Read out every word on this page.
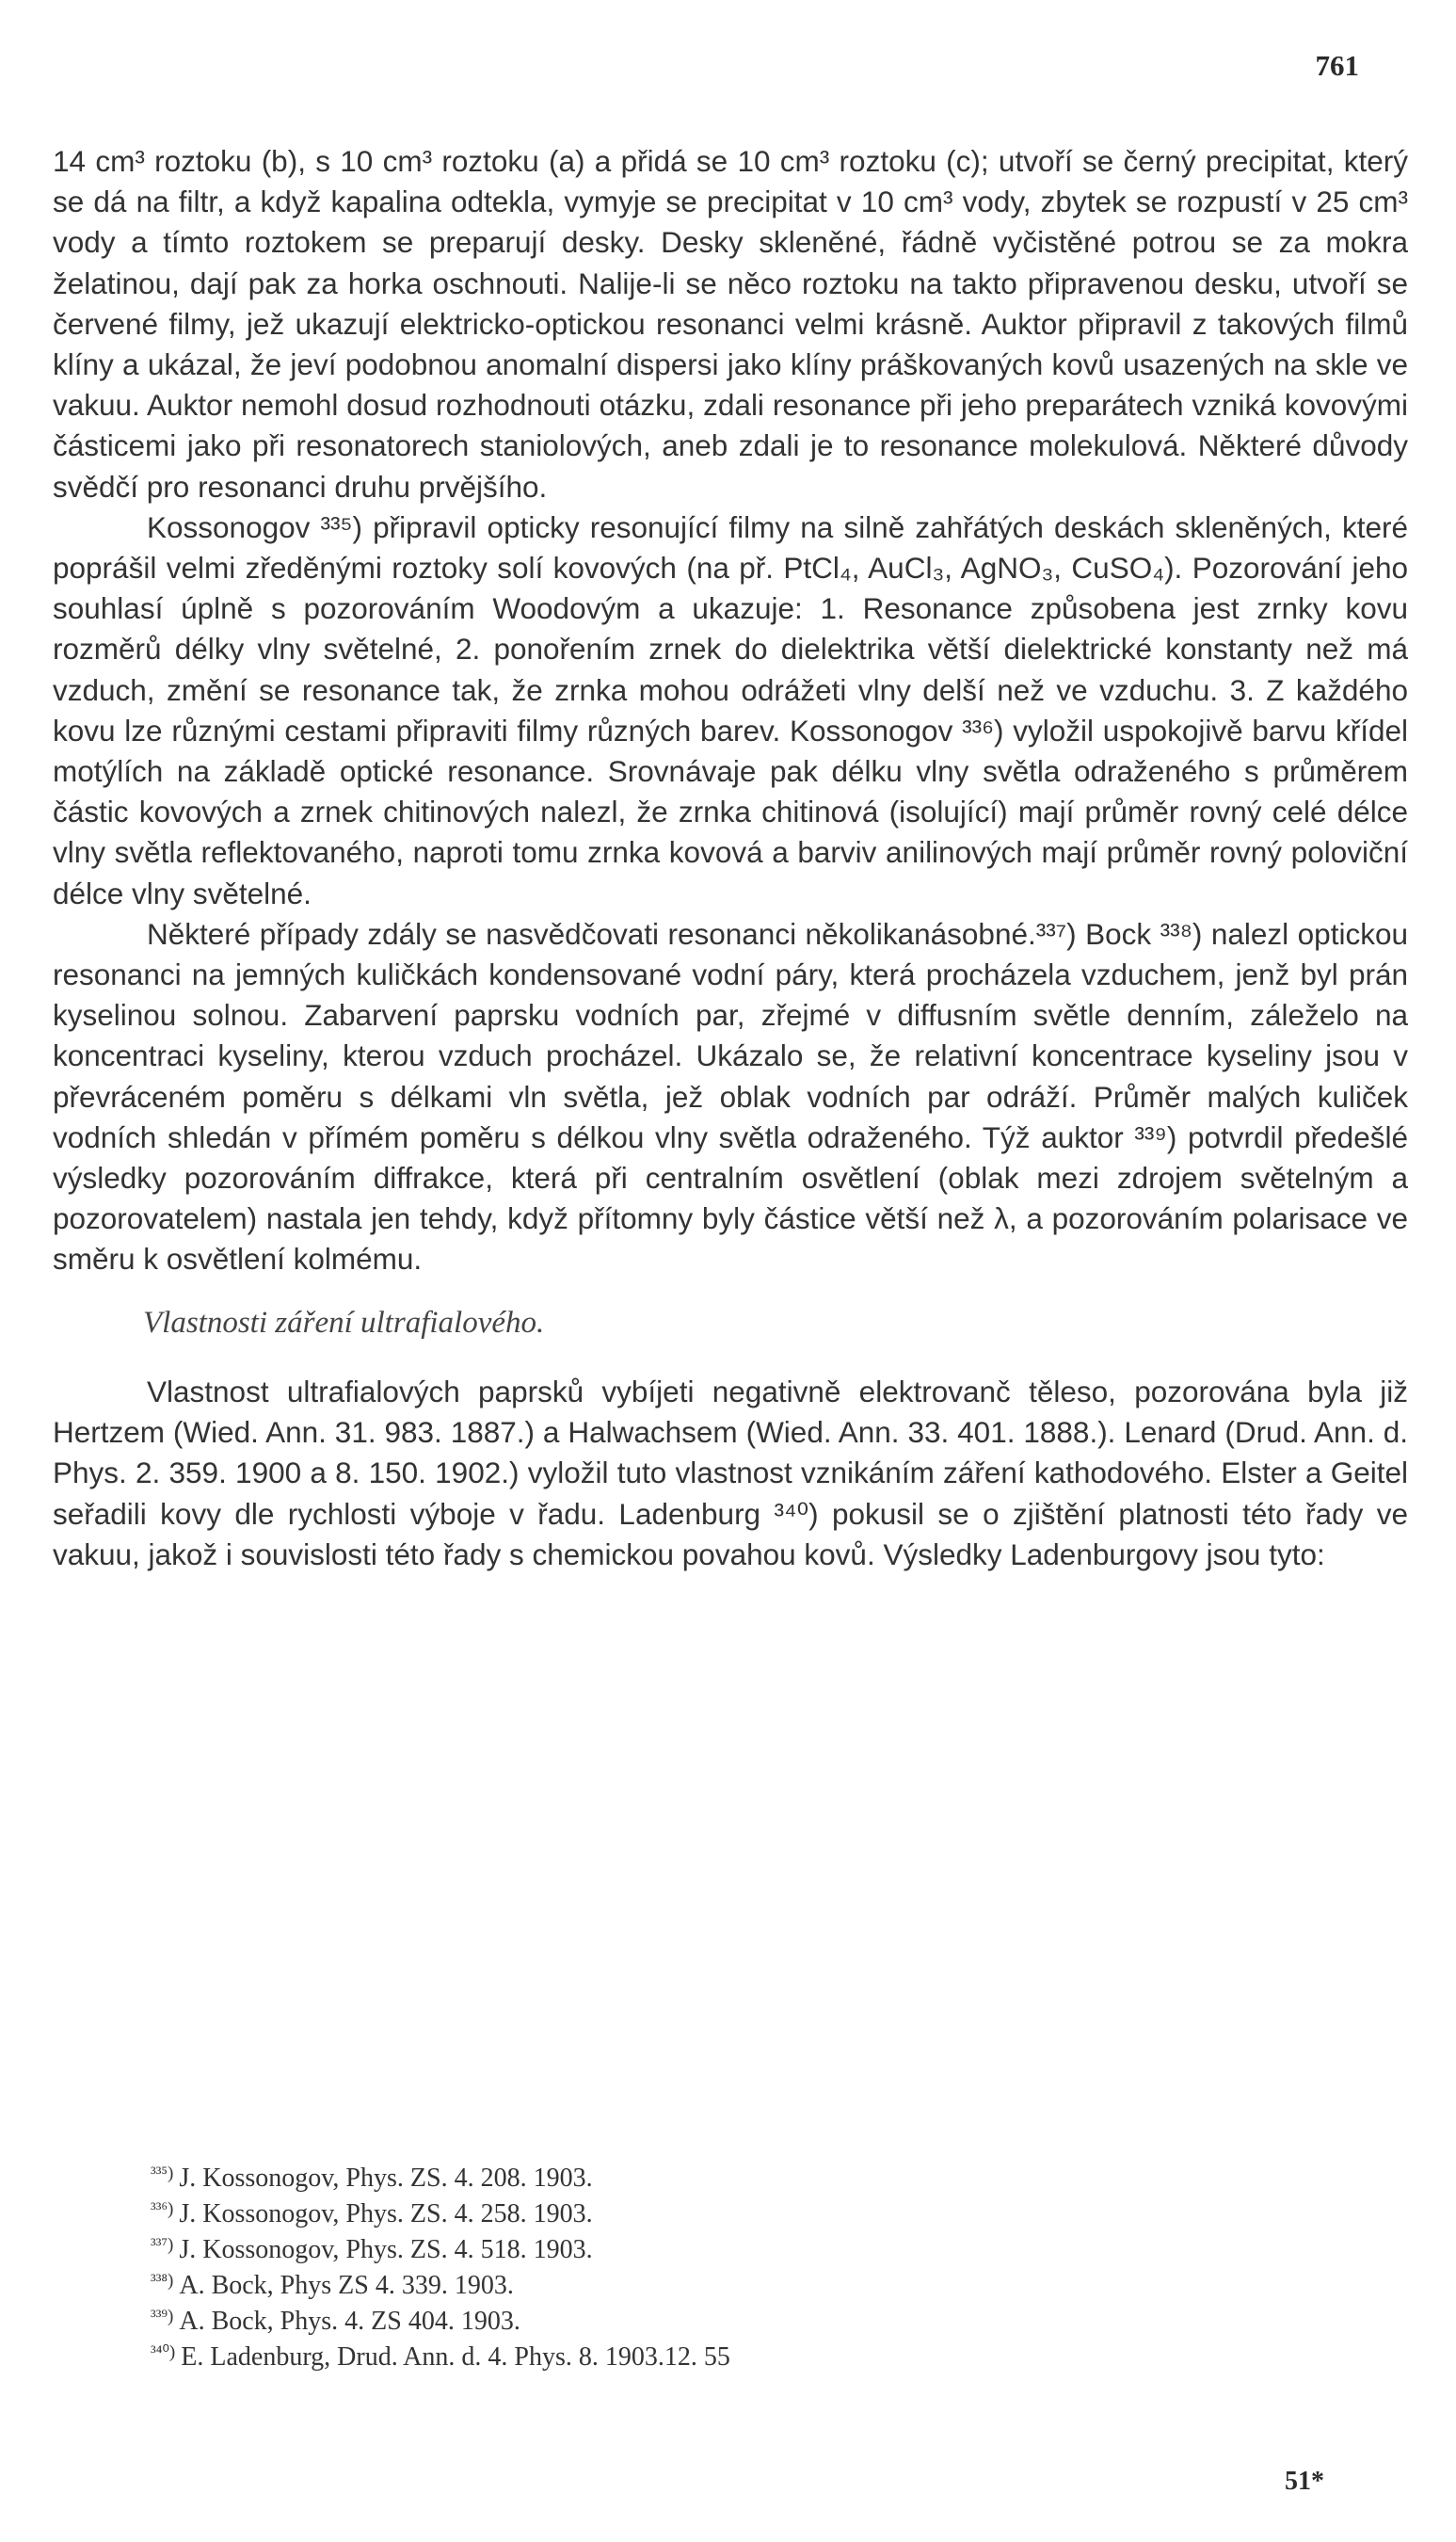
761

14 cm³ roztoku (b), s 10 cm³ roztoku (a) a přidá se 10 cm³ roztoku (c); utvoří se černý precipitat, který se dá na filtr, a když kapalina odtekla, vymyje se precipitat v 10 cm³ vody, zbytek se rozpustí v 25 cm³ vody a tímto roztokem se preparují desky. Desky skleněné, řádně vyčistěné potrou se za mokra želatinou, dají pak za horka oschnouti. Nalije-li se něco roztoku na takto připravenou desku, utvoří se červené filmy, jež ukazují elektricko-optickou resonanci velmi krásně. Auktor připravil z takových filmů klíny a ukázal, že jeví podobnou anomalní dispersi jako klíny práškovaných kovů usazených na skle ve vakuu. Auktor nemohl dosud rozhodnouti otázku, zdali resonance při jeho preparátech vzniká kovovými částicemi jako při resonatorech staniolových, aneb zdali je to resonance molekulová. Některé důvody svědčí pro resonanci druhu prvějšího.

Kossonogov ³³⁵) připravil opticky resonující filmy na silně zahřátých deskách skleněných, které poprášil velmi zředěnými roztoky solí kovových (na př. PtCl₄, AuCl₃, AgNO₃, CuSO₄). Pozorování jeho souhlasí úplně s pozorováním Woodovým a ukazuje: 1. Resonance způsobena jest zrnky kovu rozměrů délky vlny světelné, 2. ponořením zrnek do dielektrika větší dielektrické konstanty než má vzduch, změní se resonance tak, že zrnka mohou odrážeti vlny delší než ve vzduchu. 3. Z každého kovu lze různými cestami připraviti filmy různých barev. Kossonogov ³³⁶) vyložil uspokojivě barvu křídel motýlích na základě optické resonance. Srovnávaje pak délku vlny světla odraženého s průměrem částic kovových a zrnek chitinových nalezl, že zrnka chitinová (isolující) mají průměr rovný celé délce vlny světla reflektovaného, naproti tomu zrnka kovová a barviv anilinových mají průměr rovný poloviční délce vlny světelné.

Některé případy zdály se nasvědčovati resonanci několikanásobné.³³⁷) Bock ³³⁸) nalezl optickou resonanci na jemných kuličkách kondensované vodní páry, která procházela vzduchem, jenž byl prán kyselinou solnou. Zabarvení paprsku vodních par, zřejmé v diffusním světle denním, záleželo na koncentraci kyseliny, kterou vzduch procházel. Ukázalo se, že relativní koncentrace kyseliny jsou v převráceném poměru s délkami vln světla, jež oblak vodních par odráží. Průměr malých kuliček vodních shledán v přímém poměru s délkou vlny světla odraženého. Týž auktor ³³⁹) potvrdil předešlé výsledky pozorováním diffrakce, která při centralním osvětlení (oblak mezi zdrojem světelným a pozorovatelem) nastala jen tehdy, když přítomny byly částice větší než λ, a pozorováním polarisace ve směru k osvětlení kolmému.

Vlastnosti záření ultrafialového.

Vlastnost ultrafialových paprsků vybíjeti negativně elektrovanč těleso, pozorována byla již Hertzem (Wied. Ann. 31. 983. 1887.) a Halwachsem (Wied. Ann. 33. 401. 1888.). Lenard (Drud. Ann. d. Phys. 2. 359. 1900 a 8. 150. 1902.) vyložil tuto vlastnost vznikáním záření kathodového. Elster a Geitel seřadili kovy dle rychlosti výboje v řadu. Ladenburg ³⁴⁰) pokusil se o zjištění platnosti této řady ve vakuu, jakož i souvislosti této řady s chemickou povahou kovů. Výsledky Ladenburgovy jsou tyto:

$^{^{335})}$ J. Kossonogov, Phys. ZS. 4. 208. 1903.
$^{^{336})}$ J. Kossonogov, Phys. ZS. 4. 258. 1903.
$^{^{337})}$ J. Kossonogov, Phys. ZS. 4. 518. 1903.
$^{^{338})}$ A. Bock, Phys ZS 4. 339. 1903.
$^{^{339})}$ A. Bock, Phys. 4. ZS 404. 1903.
$^{^{340})}$ E. Ladenburg, Drud. Ann. d. 4. Phys. 8. 1903.12. 55
51*
